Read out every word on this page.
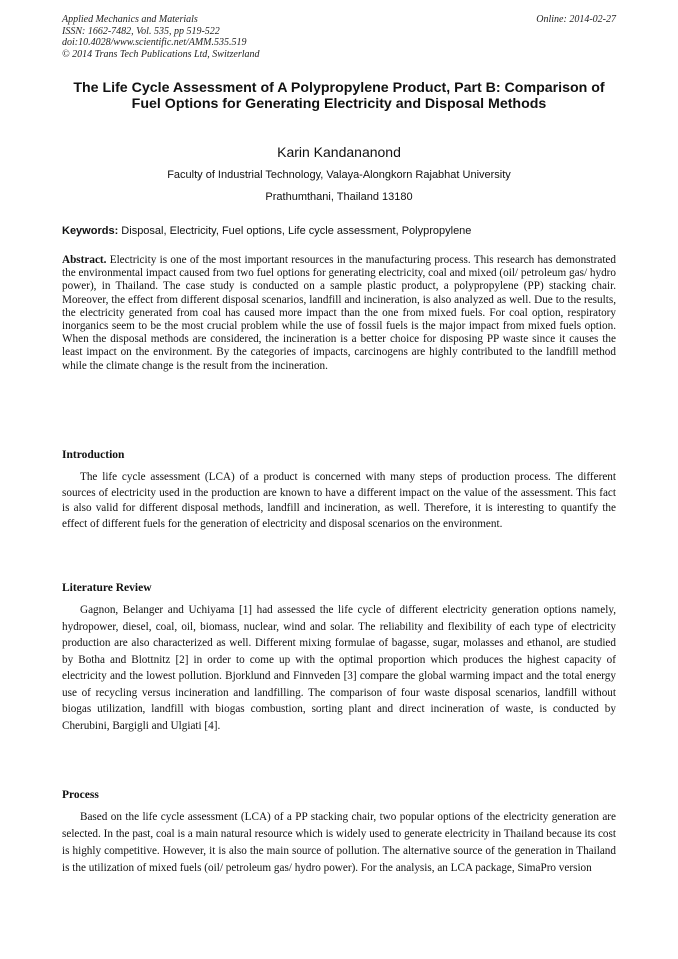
Applied Mechanics and Materials
ISSN: 1662-7482, Vol. 535, pp 519-522
doi:10.4028/www.scientific.net/AMM.535.519
© 2014 Trans Tech Publications Ltd, Switzerland
Online: 2014-02-27
The Life Cycle Assessment of A Polypropylene Product, Part B: Comparison of Fuel Options for Generating Electricity and Disposal Methods
Karin Kandananond
Faculty of Industrial Technology, Valaya-Alongkorn Rajabhat University
Prathumthani, Thailand 13180
Keywords: Disposal, Electricity, Fuel options, Life cycle assessment, Polypropylene
Abstract. Electricity is one of the most important resources in the manufacturing process. This research has demonstrated the environmental impact caused from two fuel options for generating electricity, coal and mixed (oil/ petroleum gas/ hydro power), in Thailand. The case study is conducted on a sample plastic product, a polypropylene (PP) stacking chair. Moreover, the effect from different disposal scenarios, landfill and incineration, is also analyzed as well. Due to the results, the electricity generated from coal has caused more impact than the one from mixed fuels. For coal option, respiratory inorganics seem to be the most crucial problem while the use of fossil fuels is the major impact from mixed fuels option. When the disposal methods are considered, the incineration is a better choice for disposing PP waste since it causes the least impact on the environment. By the categories of impacts, carcinogens are highly contributed to the landfill method while the climate change is the result from the incineration.
Introduction
The life cycle assessment (LCA) of a product is concerned with many steps of production process. The different sources of electricity used in the production are known to have a different impact on the value of the assessment. This fact is also valid for different disposal methods, landfill and incineration, as well. Therefore, it is interesting to quantify the effect of different fuels for the generation of electricity and disposal scenarios on the environment.
Literature Review
Gagnon, Belanger and Uchiyama [1] had assessed the life cycle of different electricity generation options namely, hydropower, diesel, coal, oil, biomass, nuclear, wind and solar. The reliability and flexibility of each type of electricity production are also characterized as well. Different mixing formulae of bagasse, sugar, molasses and ethanol, are studied by Botha and Blottnitz [2] in order to come up with the optimal proportion which produces the highest capacity of electricity and the lowest pollution. Bjorklund and Finnveden [3] compare the global warming impact and the total energy use of recycling versus incineration and landfilling. The comparison of four waste disposal scenarios, landfill without biogas utilization, landfill with biogas combustion, sorting plant and direct incineration of waste, is conducted by Cherubini, Bargigli and Ulgiati [4].
Process
Based on the life cycle assessment (LCA) of a PP stacking chair, two popular options of the electricity generation are selected. In the past, coal is a main natural resource which is widely used to generate electricity in Thailand because its cost is highly competitive. However, it is also the main source of pollution. The alternative source of the generation in Thailand is the utilization of mixed fuels (oil/ petroleum gas/ hydro power). For the analysis, an LCA package, SimaPro version
